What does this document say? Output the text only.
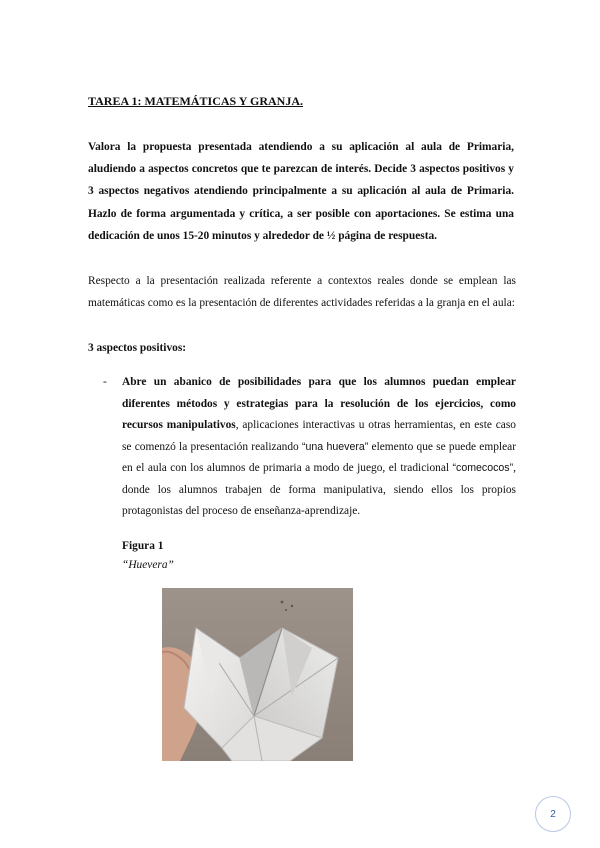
TAREA 1: MATEMÁTICAS Y GRANJA.

Valora la propuesta presentada atendiendo a su aplicación al aula de Primaria, aludiendo a aspectos concretos que te parezcan de interés. Decide 3 aspectos positivos y 3 aspectos negativos atendiendo principalmente a su aplicación al aula de Primaria. Hazlo de forma argumentada y crítica, a ser posible con aportaciones. Se estima una dedicación de unos 15-20 minutos y alrededor de ½ página de respuesta.

Respecto a la presentación realizada referente a contextos reales donde se emplean las matemáticas como es la presentación de diferentes actividades referidas a la granja en el aula:

3 aspectos positivos:

- Abre un abanico de posibilidades para que los alumnos puedan emplear diferentes métodos y estrategias para la resolución de los ejercicios, como recursos manipulativos, aplicaciones interactivas u otras herramientas, en este caso se comenzó la presentación realizando “una huevera” elemento que se puede emplear en el aula con los alumnos de primaria a modo de juego, el tradicional “comecocos”, donde los alumnos trabajen de forma manipulativa, siendo ellos los propios protagonistas del proceso de enseñanza-aprendizaje.

Figura 1

“Huevera”

2
